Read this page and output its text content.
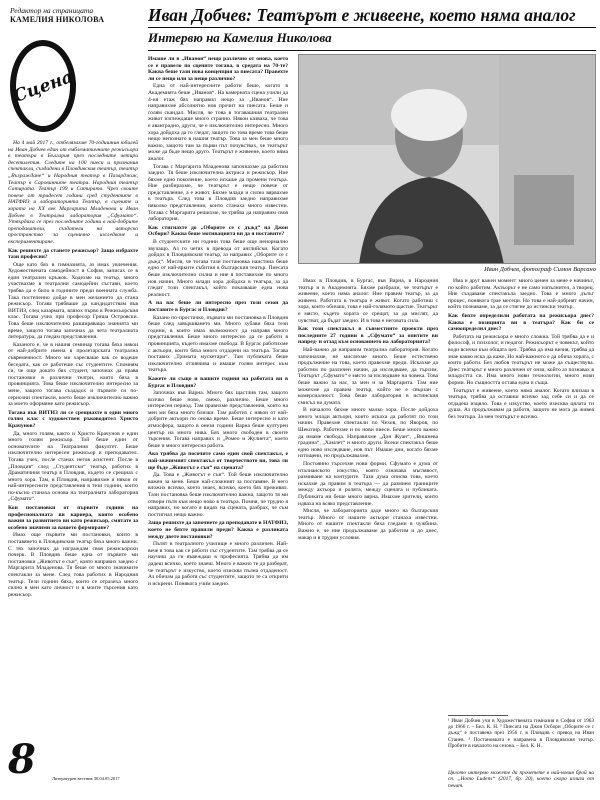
Редактор на страницата
КАМЕЛИЯ НИКОЛОВА
Сцена
Иван Добчев: Театърът е живеене, което няма аналог
Интервю на Камелия Николова

На 4 май 2017 г., отбелязахме 70-годишния юбилей на Иван Добчев един от емблематичните режисьори в театъра в България през последните четири десетилетия. Следите на 100 пиеси и признания спектакли, създадени в Пловдивския театър, театър „Възраждане“ и Народния театър в Пазарджик, Театър в Саровинните театри. Народния театър Сатирата. Театър 199 и Сатирата. Чрез своите повече от тридесет години сред студентите в НАТФИЗ и лабораторията Театър, в сцените и хората на ХХ век Маргарита Младенова и Иван Добчев в Театрална лаборатория „Сфумато“. Утвърдиха се през последните години в най-добрите преподаватели, създатели на авторско пространство за сценично изследване и експериментиране.

Как решихте да станете режисьор? Защо избрахте тази професия?

Още като бях в гимназията, аз имах увлечения. Художествената самодейност в София, записах се в един театрален кръжок. Ходехме на театър, много участвахме в театрални самодейни състави, което трябва да е било в годините преди военната служба. Така постепенно дойде в мен желанието да стана режисьор. Тогава трябваше да кандидатствам във ВИТИЗ, след казармата, влязох първо в Режисьорския клас. Тогава учих при професор Гриша Островски. Това беше изключително разширяващо знанията ми време, защото тогава започнах да чета театралната литература, да гледам представления.

Казаното е, че в нашия семинар тогава бяха някои от най-добрите имена в пролетарската театрална съвременност. Много ми харесваше как се водеше беседата, как се работеше със студентите. Спомням си, че още докато бях студент, започнах да правя постановки в различни театри, които бяха в провинцията. Това беше изключително интересно за мене, защото тогава създадох и първите си по-сериозни спектакли, което беше изключително важно за моето оформяне като режисьор.

Тогава във ВИТИЗ ли се срещнахте в един много голям клас с художествен ръководител Христо Крачунов?

Да, много голям, както и Христо Крачунов е един много голям режисьор. Той беше един от основателите на Театралния факултет. Беше изключително интересен режисьор и преподавател. Тогава учех, после станах негов асистент. После в „Пловдив“ след „Студентски“ театър, работих в Драматичния театър в Пловдив, където се срещнах с много хора. Там, в Пловдив, направихме и някои от най-интересните представления в тези години, които по-късно станаха основа на театралната лаборатория „Сфумато“.

Кои постановки от първите години на професионалната ви кариера, които особено важни за развитието ви като режисьор, смятате за особено значими за вашето формиране?

Имах още първите ми постановки, които в поставянето в Пловдивския театър бяха много важни. С тях започнах да изграждам своя режисьорски почерк. В Пловдив беше една от първите ми постановки „Животът е сън“, която направих заедно с Маргарита Младенова. Тя беше от много значимите спектакли за мене. След това работих в Народния театър. Тези години бяха, които се отразиха много силно в мен като личност и в моите търсения като режисьор.

Имаше ли в „Иванов“ нещо различно от онова, което се е правело по сцените тогава, в средата на 70-те? Каква беше тази нова концепция за пиесата? Правехте ли се нещо или за нещо различно?

Една от най-интересните работи беше, когато в Академията беше „Иванов“. На камерната сцена учили да 4-ия етаж бях направил нещо за „Иванов“. Ние направихме абсолютно нов прочит на пиесата. Беше и голям скандал. Мисля, че това в тогавашния театрален живот изглеждаше много странно. Някои казваха, че това е аванградно, други, че е изключително интересно. Много хора дойдоха да го гледат, защото по това време това беше нещо непознато в нашия театър. Това за мен беше много важно, защото там за първи път почувствах, че театърът може да бъде нещо друго. Театърът е живеене, което няма аналог.

Тогава с Маргарита Младенова започнахме да работим заедно. Тя беше изключителна актриса и режисьор. Ние бяхме едно поколение, което искаше да промени театъра. Ние разбирахме, че театърът е нещо повече от представление, а е живот. Бяхме млади и силно вярвахме в театъра. След това в Пловдив заедно направихме няколко представления, които станаха много известни. Тогава с Маргарита решихме, че трябва да направим своя лаборатория.

Как стигнахте до „Оборите се с дъжд“ на Джон Осборн? Каква беше мотивацията ви да я поставите?

В студентските ни години това беше още ненормално звучащо. Аз го четях в превода от английски. Когато дойдох в Пловдивския театър, аз направих „Оборите се с дъжд“. Мисля, че тогава тази постановка наистина беше едно от най-ярките събития в българския театър. Пиесата беше изключително силна и ние я поставихме по много нов начин. Много млади хора дойдоха в театъра, за да гледат този спектакъл, който показваше една нова реалност.

А на вас беше ли интересно през този сезон да поставите в Бургас и Пловдив?

Казано по-простичко, първата ми постановка в Пловдив беше след завършването ми. Много хубави бяха тези години, в които имах възможност да направя много представления. Беше много интересно да се работи в провинцията, където имахме свобода. В Бургас работихме с актьори, които бяха много отдадени на театъра. Тогава поставих „Тримата мускетари“. Там публиката беше изключително отзивчива и имаше голям интерес към театъра.

Кажете ли също и вашите години на работата ви в Бургас и Пловдив?

Започнах във Варна. Много бях щастлив там, защото всичко беше ново, свежо, различно. Беше много интересен период. Там правихме представления, които на мен ми бяха много близки. Там работих с някои от най-добрите актьори по онова време. Беше интересно и като атмосфера, защото в онези години Варна беше културен център на много нива. Бях много свободен в своите търсения. Тогава направих и „Ромео и Жулиета“, което беше и много интересна работа.

Ако трябва да посочите само един свой спектакъл, е най-значимият спектакъл от творчеството ви, това ли ще бъде „Животът е сън“ на сцената?

Да. Това е „Животът е сън“. Той беше изключително важен за мене. Беше най-сложният за поставяне. В него вложих всичко, което знаех, всичко, което бях преживял. Тази постановка беше изключително важна, защото тя ми отвори пътя към нещо ново в театъра. Помня, че трудно я направих, но когато я видях на сцената, разбрах, че съм постигнал нещо важно.

Защо решихте да започнете да преподавате в НАТФИЗ, което не бяхте правили преди? Каква е разликата между двете постановки?

Пътят в театралното училище е много различен. Най-вече в това как се работи със студентите. Там трябва да се научиш да ги въвеждаш в професията. Трябва да им дадеш всичко, което знаеш. Много е важно те да разберат, че театърът е изкуство, което изисква пълна отдаденост. Аз обичам да работя със студентите, защото те са открити и искрени. Понякога учим заедно.

Иван Добчев, фотограф Симон Варсано

Имах в Пловдив, в Бургас, във Варна, в Народния театър и в Академията. Бяхме разбрали, че театърът е живеене, което няма аналог. Ние правим театър, за да живеем. Работата в театъра е живот. Когато работиш с хора, които обичаш, това е най-голямото щастие. Театърът е място, където хората се срещат, за да мислят, да чувстват, да бъдат заедно. И в това е неговата сила.

Как този спектакъл в съвместните проекти през последните 27 години в „Сфумато“ за опитите ви напред- и отзад към основанието на лабораторията?

Най-важно да направим театрална лаборатория. Когато започнахме, не мислехме много. Беше естествено продължение на това, което правехме преди. Искахме да работим по различен начин, да изследваме, да търсим. Театърът „Сфумато“ е място за изследване на човека. Това беше важно за нас, за мен и за Маргарита. Там ние можехме да правим театър, който не е свързан с комерсиалност. Това беше лаборатория в истинския смисъл на думата.

В началото бяхме много малко хора. После дойдоха много млади актьори, които искаха да работят по този начин. Правехме спектакли по Чехов, по Яворов, по Шекспир. Работехме и по нови пиеси. Беше много важно да имаме свобода. Направихме „Дон Жуан“, „Вишнева градина“, „Хамлет“ и много други. Всеки спектакъл беше едно ново изследване, нов път. Имаше дни, когато бяхме изтощени, но продължавахме.

Постоянно търсехме нови форми. Сфумато е дума от италианското изкуство, която означава мъглявост, размиване на контурите. Тази дума описва това, което искахме да правим в театъра — да размием границите между актьора и ролята, между сцената и публиката. Публиката ни беше много вярна. Имахме зрители, които идваха на всяко представление.

Мисля, че лабораторията даде много на българския театър. Много от нашите актьори станаха известни. Много от нашите спектакли бяха гледани в чужбина. Важно е, че ние продължаваме да работим и до днес, макар и в трудни условия.

Има и друг важен момент: много ценен за мене е начинът, по който работим. Актьорът е не само изпълнител, а творец. Ние създаваме спектакъла заедно. Това е много дълъг процес, понякога трае месеци. Но това е най-добрият начин, който познаваме, за да се стигне до истински театър.

Как бихте определили работата на режисьора днес? Каква е позицията ви в театъра? Как би се самоопределил днес?

Работата на режисьора е много сложна. Той трябва да е и философ, и психолог, и педагог. Режисьорът е човекът, който води всички към общата цел. Трябва да има визия, трябва да знае какво иска да каже. Но най-важното е да обича хората, с които работи. Без любов театърът не може да съществува. Днес театърът е много различен от онзи, който аз познавах в младостта си. Има много нови технологии, много нови форми. Но същността остава една и съща.

Театърът е живеене, което няма аналог. Когато влизаш в театъра, трябва да оставиш всичко зад себе си и да се отдадеш изцяло. Това е изкуство, което изисква цялата ти душа. Аз продължавам да работя, защото не мога да живея без театъра. За мен театърът е всичко.

¹ Иван Добчев учи в Художествената гимназия в София от 1963 до 1966 г. – Бел. К. Н. ² Пиесата на Джон Осборн „Оборите се с дъжд“ е поставена през 1956 г. в Пловдив с превод на Иван Станев. ³ Постановката е направена в Пловдивския театър. Пробите в началото на сезона. – Бел. К. Н.
Цялото интервю можете да прочетете в най-новия брой на сп. „Homo Ludens“ (2017, бр. 20), което скоро излиза от печат.
8	Литературен вестник 30.04.05.2017
